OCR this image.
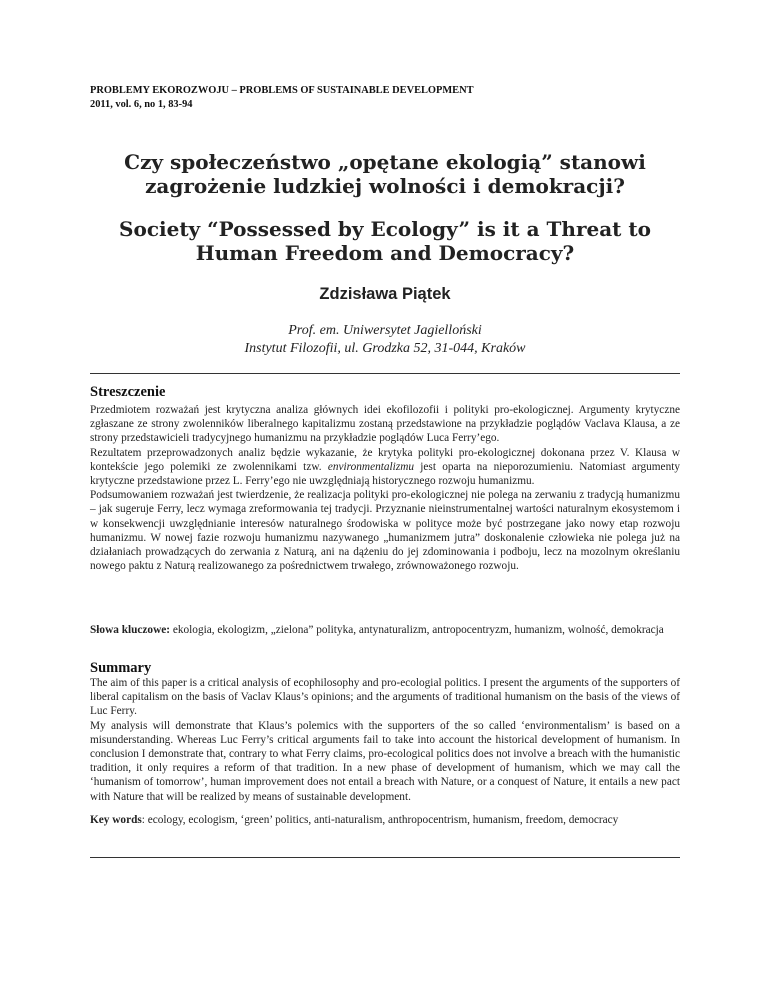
PROBLEMY EKOROZWOJU – PROBLEMS OF SUSTAINABLE DEVELOPMENT
2011, vol. 6, no 1, 83-94
Czy społeczeństwo „opętane ekologią” stanowi zagrożenie ludzkiej wolności i demokracji?
Society “Possessed by Ecology” is it a Threat to Human Freedom and Democracy?
Zdzisława Piątek
Prof. em. Uniwersytet Jagielloński
Instytut Filozofii, ul. Grodzka 52, 31-044, Kraków
Streszczenie

Przedmiotem rozważań jest krytyczna analiza głównych idei ekofilozofii i polityki pro-ekologicznej. Argumenty krytyczne zgłaszane ze strony zwolenników liberalnego kapitalizmu zostaną przedstawione na przykładzie poglądów Vaclava Klausa, a ze strony przedstawicieli tradycyjnego humanizmu na przykładzie poglądów Luca Ferry’ego.

Rezultatem przeprowadzonych analiz będzie wykazanie, że krytyka polityki pro-ekologicznej dokonana przez V. Klausa w kontekście jego polemiki ze zwolennikami tzw. environmentalizmu jest oparta na nieporozumieniu. Natomiast argumenty krytyczne przedstawione przez L. Ferry’ego nie uwzględniają historycznego rozwoju humanizmu.

Podsumowaniem rozważań jest twierdzenie, że realizacja polityki pro-ekologicznej nie polega na zerwaniu z tradycją humanizmu – jak sugeruje Ferry, lecz wymaga zreformowania tej tradycji. Przyznanie nieinstrumentalnej wartości naturalnym ekosystemom i w konsekwencji uwzględnianie interesów naturalnego środowiska w polityce może być postrzegane jako nowy etap rozwoju humanizmu. W nowej fazie rozwoju humanizmu nazywanego „humanizmem jutra” doskonalenie człowieka nie polega już na działaniach prowadzących do zerwania z Naturą, ani na dążeniu do jej zdominowania i podboju, lecz na mozolnym określaniu nowego paktu z Naturą realizowanego za pośrednictwem trwałego, zrównoważonego rozwoju.

Słowa kluczowe: ekologia, ekologizm, „zielona” polityka, antynaturalizm, antropocentryzm, humanizm, wolność, demokracja

Summary

The aim of this paper is a critical analysis of ecophilosophy and pro-ecologial politics. I present the arguments of the supporters of liberal capitalism on the basis of Vaclav Klaus’s opinions; and the arguments of traditional humanism on the basis of the views of Luc Ferry.

My analysis will demonstrate that Klaus’s polemics with the supporters of the so called ‘environmentalism’ is based on a misunderstanding. Whereas Luc Ferry’s critical arguments fail to take into account the historical development of humanism. In conclusion I demonstrate that, contrary to what Ferry claims, pro-ecological politics does not involve a breach with the humanistic tradition, it only requires a reform of that tradition. In a new phase of development of humanism, which we may call the ‘humanism of tomorrow’, human improvement does not entail a breach with Nature, or a conquest of Nature, it entails a new pact with Nature that will be realized by means of sustainable development.

Key words: ecology, ecologism, ‘green’ politics, anti-naturalism, anthropocentrism, humanism, freedom, democracy
